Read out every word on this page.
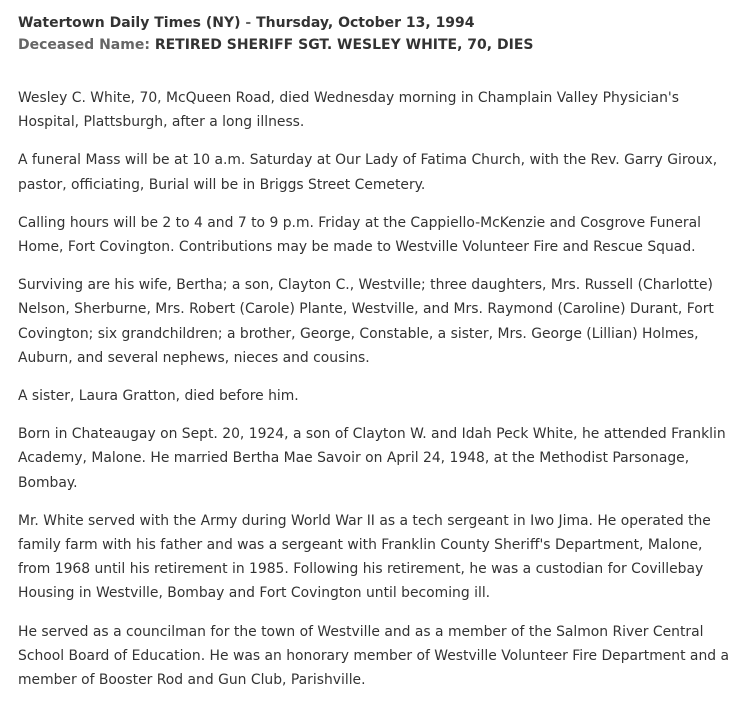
Watertown Daily Times (NY) - Thursday, October 13, 1994
Deceased Name: RETIRED SHERIFF SGT. WESLEY WHITE, 70, DIES

Wesley C. White, 70, McQueen Road, died Wednesday morning in Champlain Valley Physician's Hospital, Plattsburgh, after a long illness.

A funeral Mass will be at 10 a.m. Saturday at Our Lady of Fatima Church, with the Rev. Garry Giroux, pastor, officiating, Burial will be in Briggs Street Cemetery.

Calling hours will be 2 to 4 and 7 to 9 p.m. Friday at the Cappiello-McKenzie and Cosgrove Funeral Home, Fort Covington. Contributions may be made to Westville Volunteer Fire and Rescue Squad.

Surviving are his wife, Bertha; a son, Clayton C., Westville; three daughters, Mrs. Russell (Charlotte) Nelson, Sherburne, Mrs. Robert (Carole) Plante, Westville, and Mrs. Raymond (Caroline) Durant, Fort Covington; six grandchildren; a brother, George, Constable, a sister, Mrs. George (Lillian) Holmes, Auburn, and several nephews, nieces and cousins.

A sister, Laura Gratton, died before him.

Born in Chateaugay on Sept. 20, 1924, a son of Clayton W. and Idah Peck White, he attended Franklin Academy, Malone. He married Bertha Mae Savoir on April 24, 1948, at the Methodist Parsonage, Bombay.

Mr. White served with the Army during World War II as a tech sergeant in Iwo Jima. He operated the family farm with his father and was a sergeant with Franklin County Sheriff's Department, Malone, from 1968 until his retirement in 1985. Following his retirement, he was a custodian for Covillebay Housing in Westville, Bombay and Fort Covington until becoming ill.

He served as a councilman for the town of Westville and as a member of the Salmon River Central School Board of Education. He was an honorary member of Westville Volunteer Fire Department and a member of Booster Rod and Gun Club, Parishville.
